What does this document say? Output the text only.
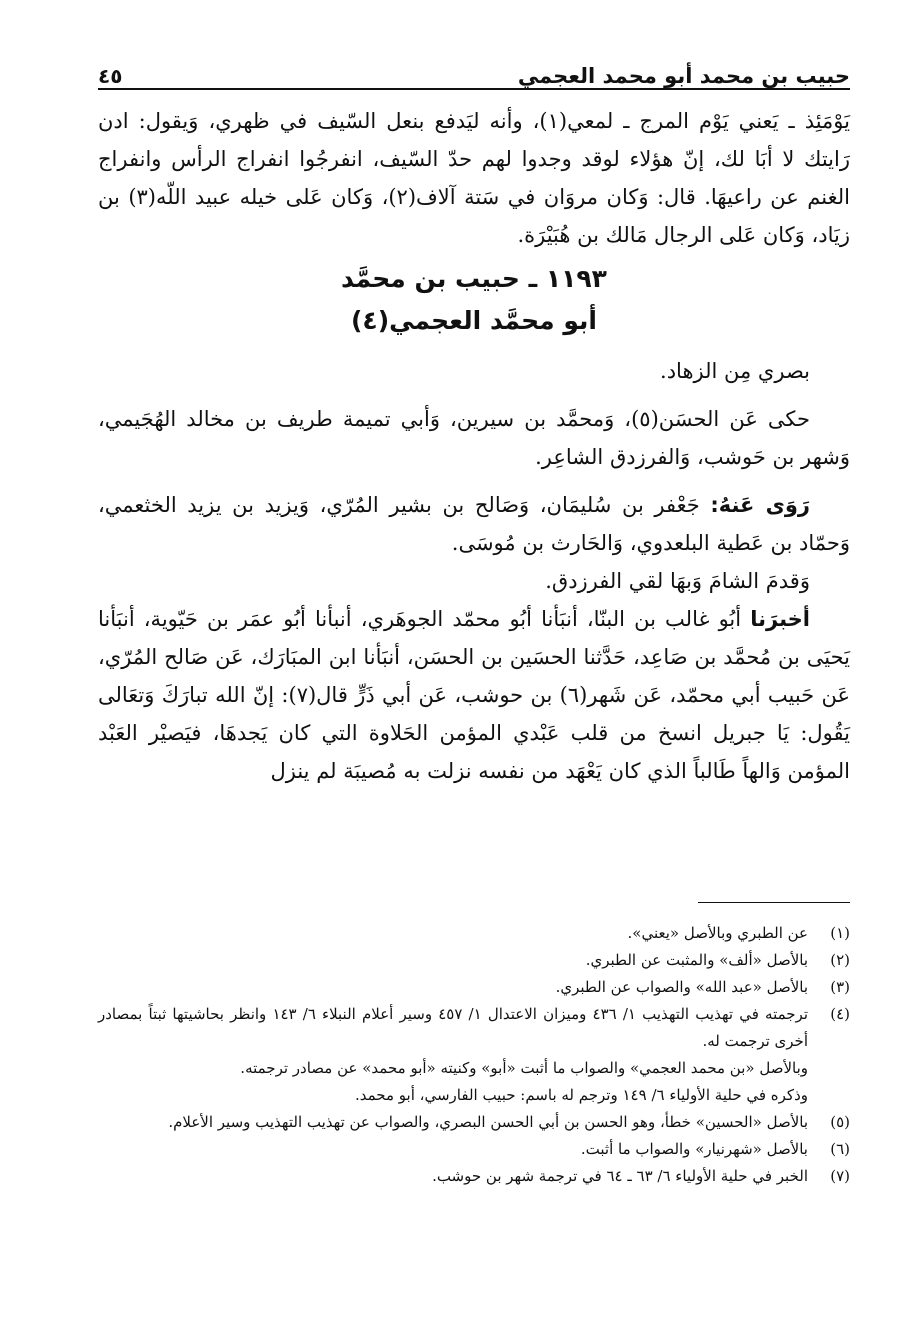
حبيب بن محمد أبو محمد العجمي
٤٥

يَوْمَئِذ ـ يَعني يَوْم المرج ـ لمعي(١)، وأنه ليَدفع بنعل السّيف في ظهري، وَيقول: ادن رَايتك لا أبَا لك، إنّ هؤلاء لوقد وجدوا لهم حدّ السّيف، انفرجُوا انفراج الرأس وانفراج الغنم عن راعيهَا. قال: وَكان مروَان في سَتة آلاف(٢)، وَكان عَلى خيله عبيد اللّه(٣) بن زيَاد، وَكان عَلى الرجال مَالك بن هُبَيْرَة.

١١٩٣ ـ حبيب بن محمَّد
أبو محمَّد العجمي(٤)

بصري مِن الزهاد.

حكى عَن الحسَن(٥)، وَمحمَّد بن سيرين، وَأبي تميمة طريف بن مخالد الهُجَيمي، وَشهر بن حَوشب، وَالفرزدق الشاعِر.

رَوَى عَنهُ: جَعْفر بن سُليمَان، وَصَالح بن بشير المُرّي، وَيزيد بن يزيد الخثعمي، وَحمّاد بن عَطية البلعدوي، وَالحَارث بن مُوسَى.

وَقدمَ الشامَ وَبهَا لقي الفرزدق.

أخبرَنا أبُو غالب بن البنّا، أنبَأنا أبُو محمّد الجوهَري، أنبأنا أبُو عمَر بن حَيّوية، أنبَأنا يَحيَى بن مُحمَّد بن صَاعِد، حَدَّثنا الحسَين بن الحسَن، أنبَأنا ابن المبَارَك، عَن صَالح المُرّي، عَن حَبيب أبي محمّد، عَن شَهر(٦) بن حوشب، عَن أبي ذَرٍّ قال(٧): إنّ الله تبارَكَ وَتعَالى يَقُول: يَا جبريل انسخ من قلب عَبْدي المؤمن الحَلاوة التي كان يَجدهَا، فيَصيْر العَبْد المؤمن وَالهاً طَالباً الذي كان يَعْهَد من نفسه نزلت به مُصيبَة لم ينزل

(١)
عن الطبري وبالأصل «يعني».
(٢)
بالأصل «ألف» والمثبت عن الطبري.
(٣)
بالأصل «عبد الله» والصواب عن الطبري.
(٤)
ترجمته في تهذيب التهذيب ١/ ٤٣٦ وميزان الاعتدال ١/ ٤٥٧ وسير أعلام النبلاء ٦/ ١٤٣ وانظر بحاشيتها ثبتاً بمصادر أخرى ترجمت له.
وبالأصل «بن محمد العجمي» والصواب ما أثبت «أبو» وكنيته «أبو محمد» عن مصادر ترجمته.
وذكره في حلية الأولياء ٦/ ١٤٩ وترجم له باسم: حبيب الفارسي، أبو محمد.
(٥)
بالأصل «الحسين» خطأ، وهو الحسن بن أبي الحسن البصري، والصواب عن تهذيب التهذيب وسير الأعلام.
(٦)
بالأصل «شهرنيار» والصواب ما أثبت.
(٧)
الخبر في حلية الأولياء ٦/ ٦٣ ـ ٦٤ في ترجمة شهر بن حوشب.
